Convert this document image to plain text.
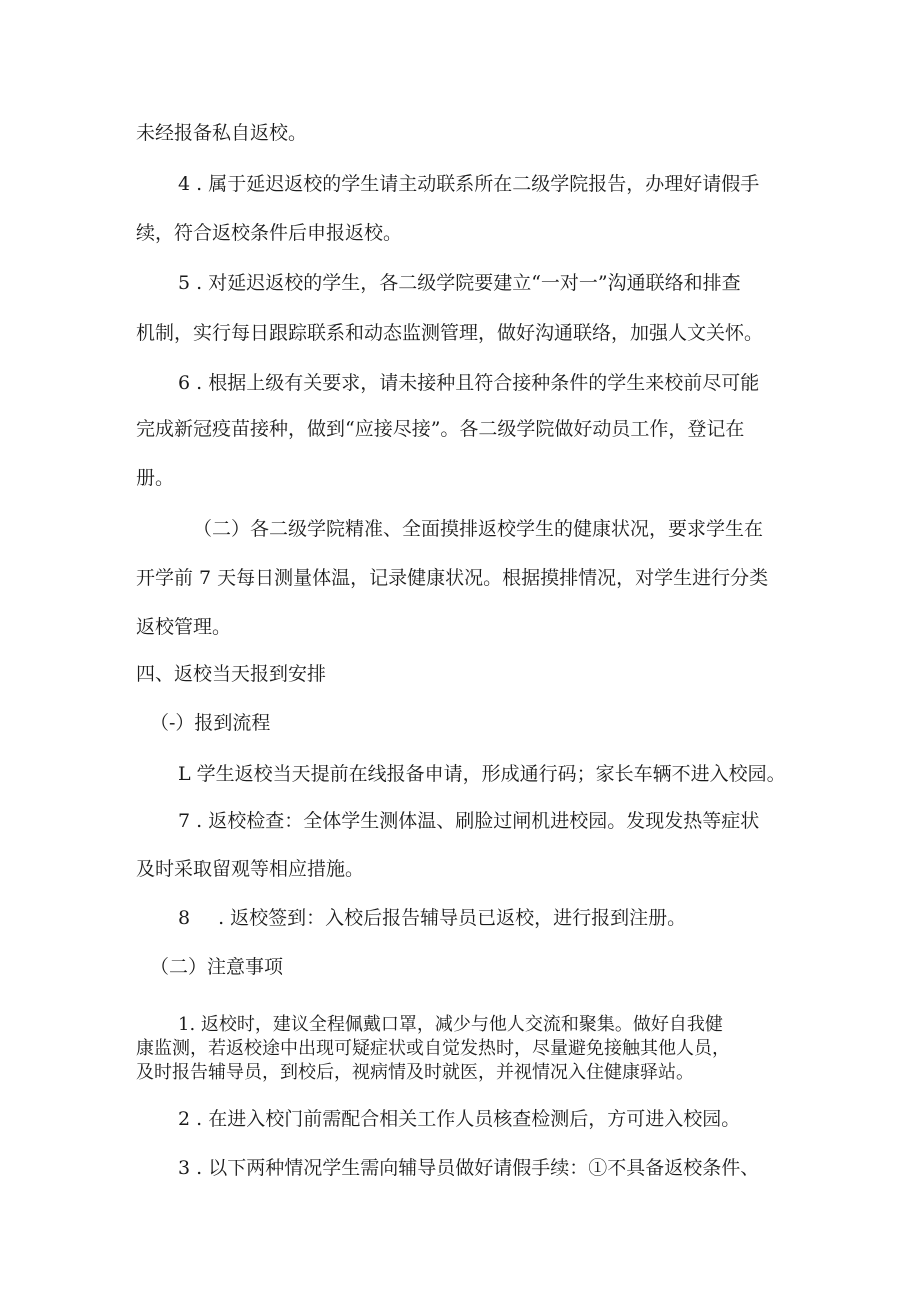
未经报备私自返校。
4 . 属于延迟返校的学生请主动联系所在二级学院报告，办理好请假手
续，符合返校条件后申报返校。
5 . 对延迟返校的学生，各二级学院要建立“一对一”沟通联络和排查
机制，实行每日跟踪联系和动态监测管理，做好沟通联络，加强人文关怀。
6 . 根据上级有关要求，请未接种且符合接种条件的学生来校前尽可能
完成新冠疫苗接种，做到“应接尽接”。各二级学院做好动员工作，登记在
册。
（二）各二级学院精准、全面摸排返校学生的健康状况，要求学生在
开学前 7 天每日测量体温，记录健康状况。根据摸排情况，对学生进行分类
返校管理。
四、返校当天报到安排
（-）报到流程
L 学生返校当天提前在线报备申请，形成通行码；家长车辆不进入校园。
7 . 返校检查：全体学生测体温、刷脸过闸机进校园。发现发热等症状
及时采取留观等相应措施。
8 . 返校签到：入校后报告辅导员已返校，进行报到注册。
（二）注意事项
1. 返校时，建议全程佩戴口罩，减少与他人交流和聚集。做好自我健
康监测，若返校途中出现可疑症状或自觉发热时，尽量避免接触其他人员，
及时报告辅导员，到校后，视病情及时就医，并视情况入住健康驿站。
2 . 在进入校门前需配合相关工作人员核查检测后，方可进入校园。
3 . 以下两种情况学生需向辅导员做好请假手续：①不具备返校条件、
